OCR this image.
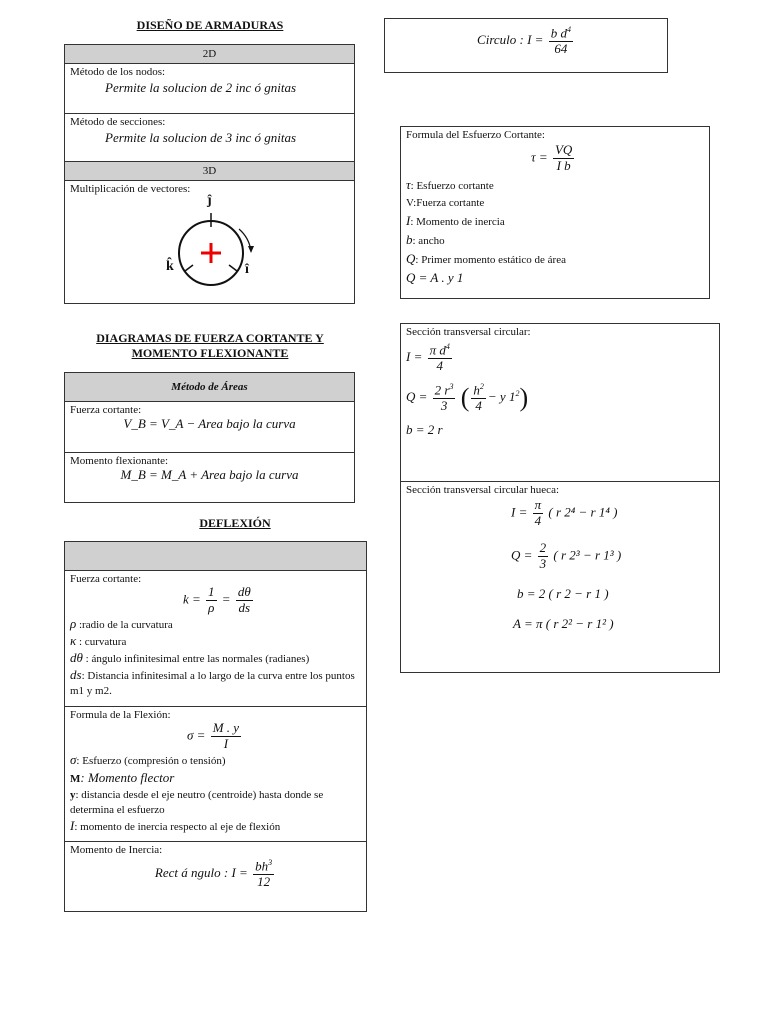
DISEÑO DE ARMADURAS
2D
Método de los nodos:
Permite la solucion de 2 inc ó gnitas
Método de secciones:
Permite la solucion de 3 inc ó gnitas
3D
Multiplicación de vectores:
ĵ
k̂	î
Circulo : $I = \frac{b d^4}{64}$
Formula del Esfuerzo Cortante:
$\tau = \frac{VQ}{\text{I b}}$
τ: Esfuerzo cortante
V:Fuerza cortante
I: Momento de inercia
b: ancho
Q: Primer momento estático de área
Q = A . y 1
DIAGRAMAS DE FUERZA CORTANTE Y
MOMENTO FLEXIONANTE
Método de Áreas
Fuerza cortante:
V_B = V_A − Area bajo la curva
Momento flexionante:
M_B = M_A + Area bajo la curva
Sección transversal circular:
$I = \frac{\pi d^4}{4}$
$Q = \frac{2 r^3}{3}$ ( $\frac{h^2}{4} - y$ $1^2$)
b = 2 r
Sección transversal circular hueca:
$I = \frac{\pi}{4}$ ( r 2⁴ − r 1⁴ )
$Q = \frac{2}{3}$ ( r 2³ − r 1³ )
b = 2 ( r 2 − r 1 )
A = π ( r 2² − r 1² )
DEFLEXIÓN
Fuerza cortante:
$k = \frac{1}{\rho} = \frac{d\theta}{ds}$
ρ :radio de la curvatura
κ : curvatura
dθ : ángulo infinitesimal entre las normales (radianes)
ds: Distancia infinitesimal a lo largo de la curva entre los puntos m1 y m2.
Formula de la Flexión:
$\sigma = \frac{M . y}{I}$
σ: Esfuerzo (compresión o tensión)
M: Momento flector
y: distancia desde el eje neutro (centroide) hasta donde se determina el esfuerzo
I: momento de inercia respecto al eje de flexión
Momento de Inercia:
Rect á ngulo : $I = \frac{bh^3}{12}$
